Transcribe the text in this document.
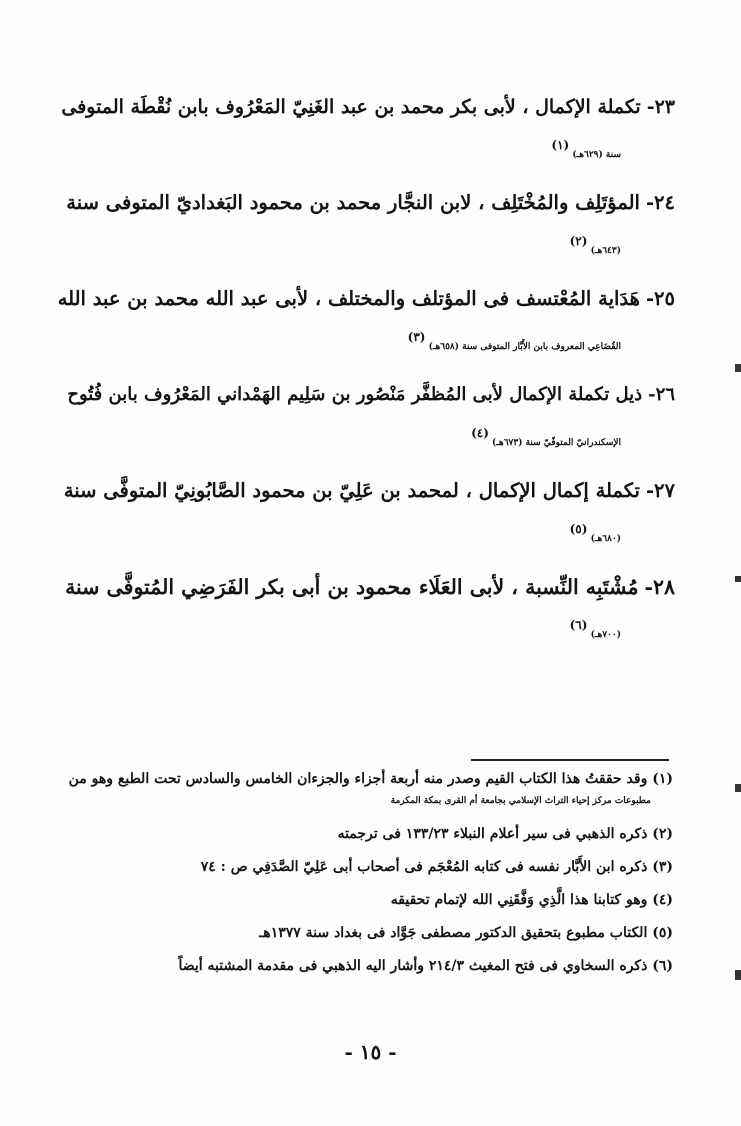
٢٣-تكملة الإكمال ، لأبى بكر محمد بن عبد الغَنِيّ المَعْرُوف بابن نُقْطَة المتوفى
سنة (٦٢٩هـ) $^{(١)}$
٢٤-المؤتَلِف والمُخْتَلِف ، لابن النجَّار محمد بن محمود البَغداديّ المتوفى سنة
(٦٤٣هـ) $^{(٢)}$
٢٥-هَدَاية المُعْتسف فى المؤتلف والمختلف ، لأبى عبد الله محمد بن عبد الله
القُضَاعِي المعروف بابن الأَبَّار المتوفى سنة (٦٥٨هـ) $^{(٣)}$
٢٦-ذيل تكملة الإكمال لأبى المُظفَّر مَنْصُور بن سَلِيم الهَمْداني المَعْرُوف بابن فُتُوح
الإسكندرانيّ المتوفّيّ سنة (٦٧٣هـ) $^{(٤)}$
٢٧-تكملة إكمال الإكمال ، لمحمد بن عَلِيّ بن محمود الصَّابُونِيّ المتوفَّى سنة
(٦٨٠هـ) $^{(٥)}$
٢٨-مُشْتَبِه النِّسبة ، لأبى العَلَاء محمود بن أبى بكر الفَرَضِي المُتوفَّى سنة
(٧٠٠هـ) $^{(٦)}$
(١) وقد حققتُ هذا الكتاب القيم وصدر منه أربعة أجزاء والجزءان الخامس والسادس تحت الطبع وهو من
مطبوعات مركز إحياء التراث الإسلامي بجامعة أم القرى بمكة المكرمة
(٢) ذكره الذهبي فى سير أعلام النبلاء ١٣٣/٢٣ فى ترجمته
(٣) ذكره ابن الأَبَّار نفسه فى كتابه المُعْجَم فى أصحاب أبى عَلِيّ الصَّدَفِي ص : ٧٤
(٤) وهو كتابنا هذا الَّذِي وَفَّقَنِي الله لإتمام تحقيقه
(٥) الكتاب مطبوع بتحقيق الدكتور مصطفى جَوَّاد فى بغداد سنة ١٣٧٧هـ
(٦) ذكره السخاوي فى فتح المغيث ٢١٤/٣ وأشار اليه الذهبي فى مقدمة المشتبه أيضاً
- ١٥ -
